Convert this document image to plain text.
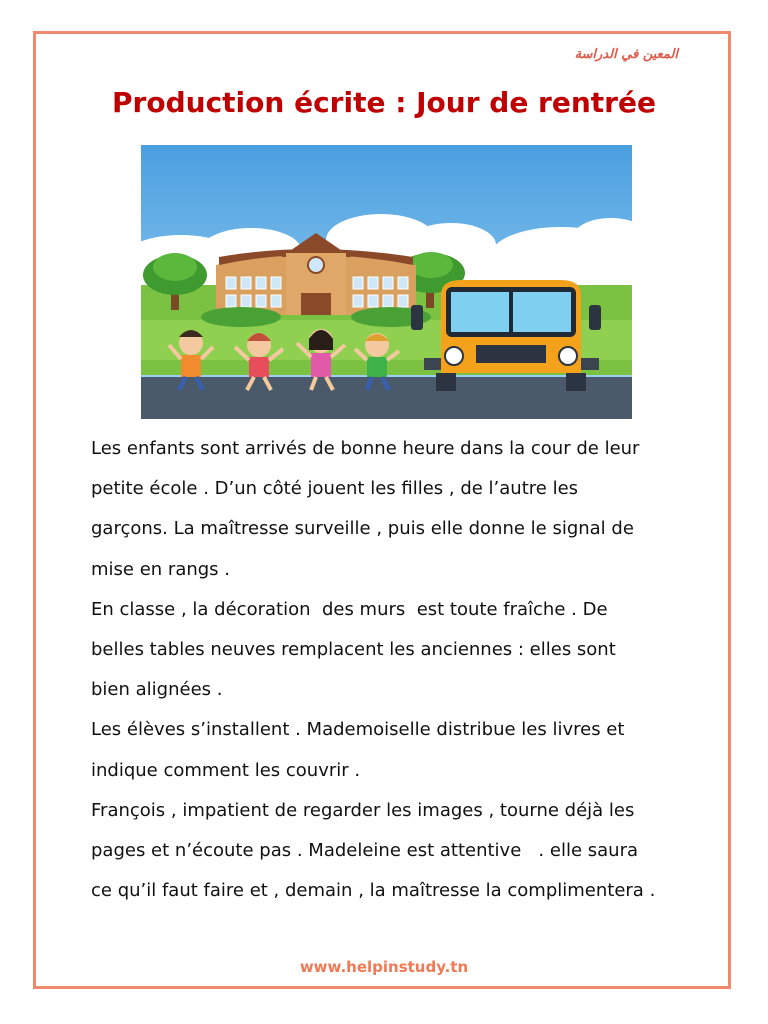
المعين في الدراسة
Production écrite : Jour de rentrée

Les enfants sont arrivés de bonne heure dans la cour de leur

petite école . D’un côté jouent les filles , de l’autre les

garçons. La maîtresse surveille , puis elle donne le signal de

mise en rangs .

En classe , la décoration  des murs  est toute fraîche . De

belles tables neuves remplacent les anciennes : elles sont

bien alignées .

Les élèves s’installent . Mademoiselle distribue les livres et

indique comment les couvrir .

François , impatient de regarder les images , tourne déjà les

pages et n’écoute pas . Madeleine est attentive   . elle saura

ce qu’il faut faire et , demain , la maîtresse la complimentera .

www.helpinstudy.tn
